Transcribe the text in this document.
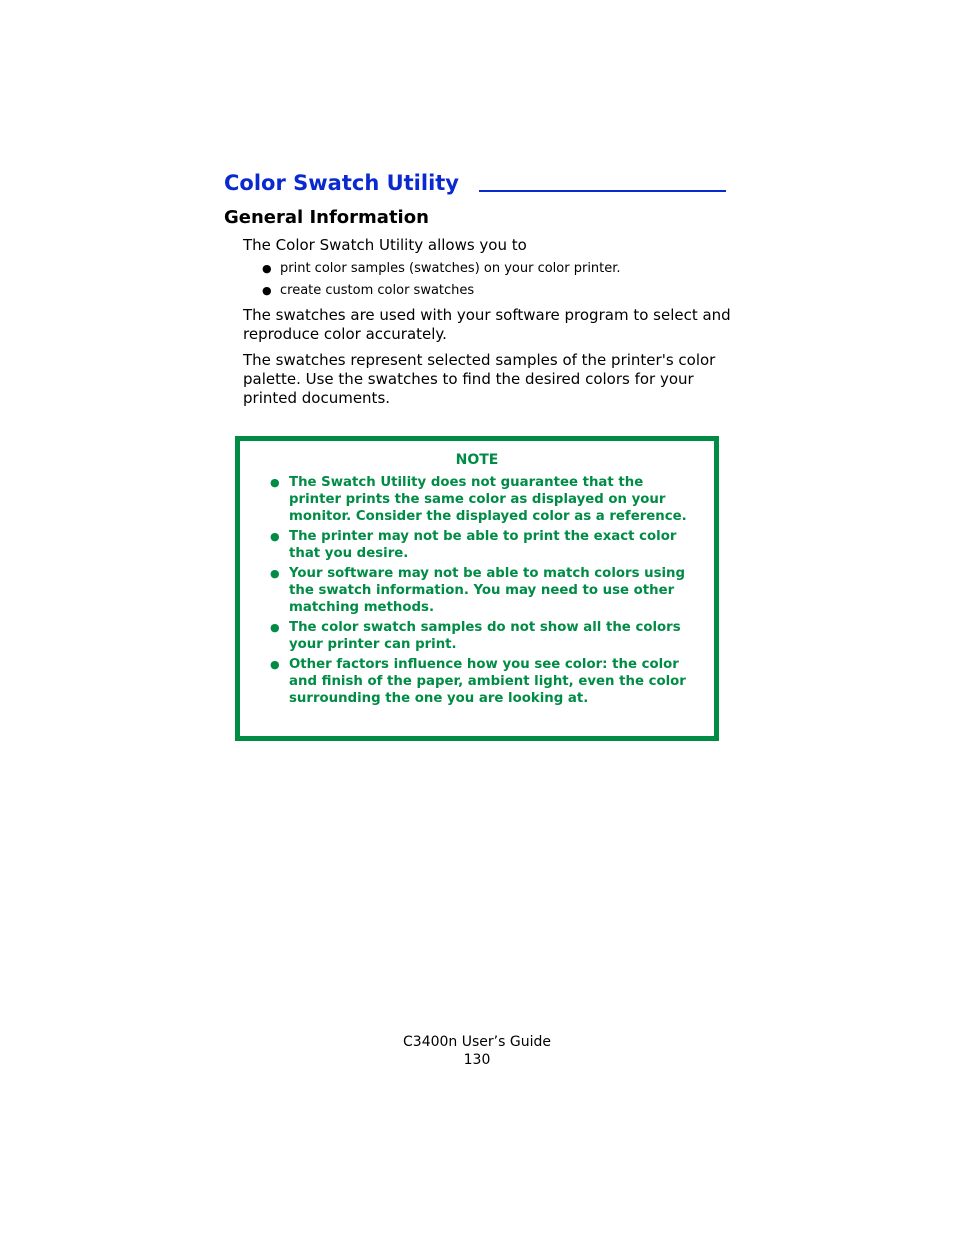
Color Swatch Utility
General Information

The Color Swatch Utility allows you to

● print color samples (swatches) on your color printer.
● create custom color swatches

The swatches are used with your software program to select and reproduce color accurately.

The swatches represent selected samples of the printer's color palette. Use the swatches to find the desired colors for your printed documents.

NOTE

● The Swatch Utility does not guarantee that the printer prints the same color as displayed on your monitor. Consider the displayed color as a reference.
● The printer may not be able to print the exact color that you desire.
● Your software may not be able to match colors using the swatch information. You may need to use other matching methods.
● The color swatch samples do not show all the colors your printer can print.
● Other factors influence how you see color: the color and finish of the paper, ambient light, even the color surrounding the one you are looking at.

C3400n User’s Guide

130
